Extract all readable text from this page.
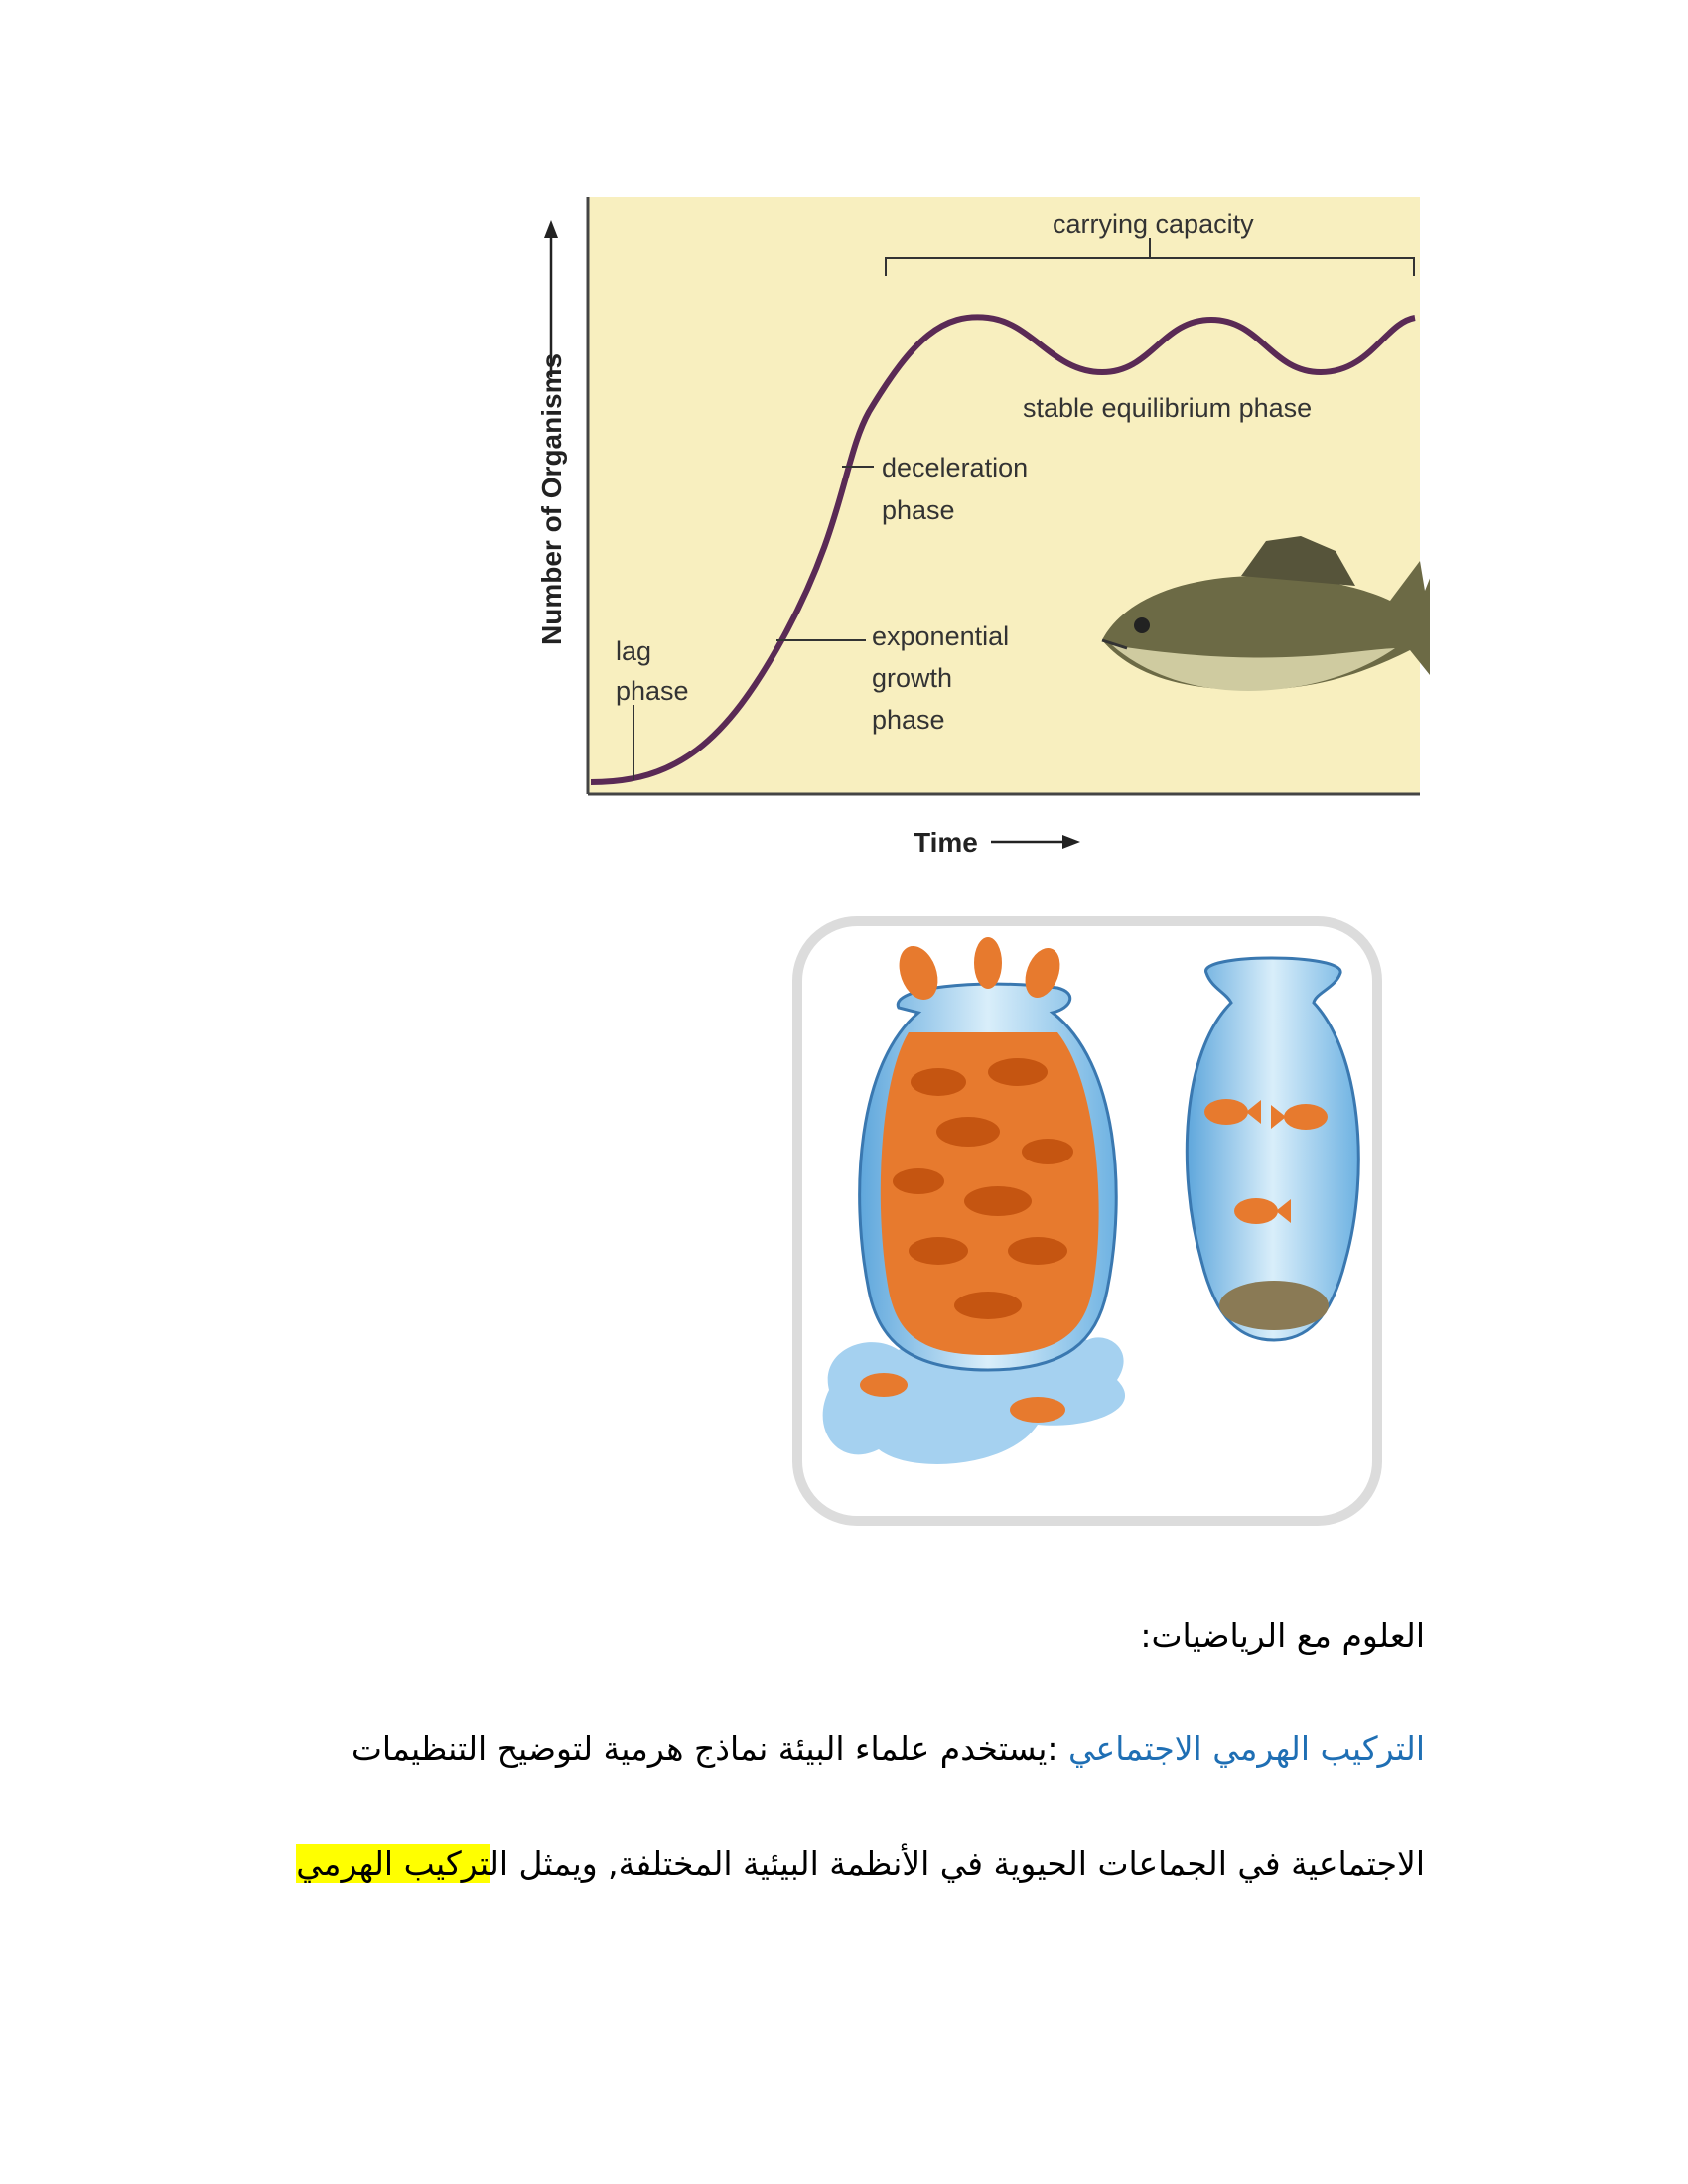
Number of Organisms
Time
carrying capacity
stable equilibrium phase
deceleration
phase
exponential
growth
phase
lag
phase
العلوم مع الرياضيات:
التركيب الهرمي الاجتماعي :يستخدم علماء البيئة نماذج هرمية لتوضيح التنظيمات
الاجتماعية في الجماعات الحيوية في الأنظمة البيئية المختلفة, ويمثل التركيب الهرمي
